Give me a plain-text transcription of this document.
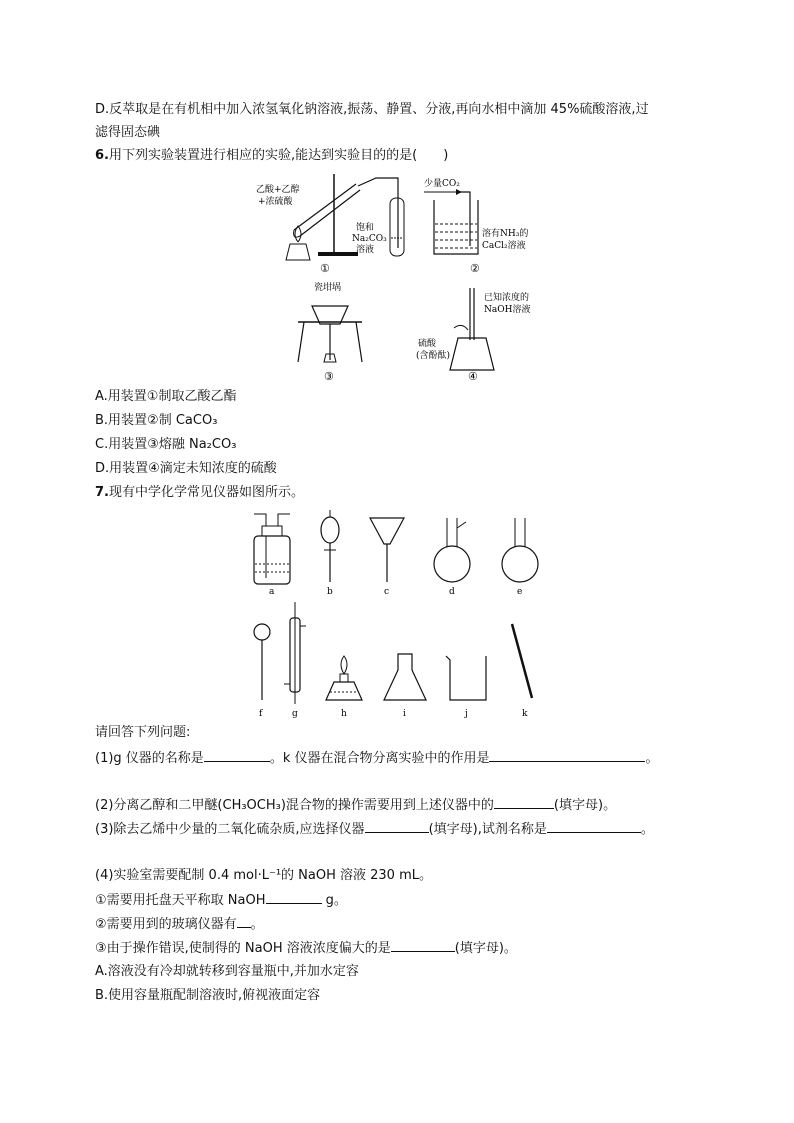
D.反萃取是在有机相中加入浓氢氧化钠溶液,振荡、静置、分液,再向水相中滴加 45%硫酸溶液,过
滤得固态碘
6.用下列实验装置进行相应的实验,能达到实验目的的是(　　)
乙酸+乙醇
+浓硫酸
饱和
Na₂CO₃
溶液
①
少量CO₂
溶有NH₃的
CaCl₂溶液
②
瓷坩埚
③
已知浓度的
NaOH溶液
硫酸
(含酚酞)
④
A.用装置①制取乙酸乙酯
B.用装置②制 CaCO₃
C.用装置③熔融 Na₂CO₃
D.用装置④滴定未知浓度的硫酸
7.现有中学化学常见仪器如图所示。
a	b	c	d	e
f	g	h	i	j	k
请回答下列问题:
(1)g 仪器的名称是	。k 仪器在混合物分离实验中的作用是	。
(2)分离乙醇和二甲醚(CH₃OCH₃)混合物的操作需要用到上述仪器中的	(填字母)。
(3)除去乙烯中少量的二氧化硫杂质,应选择仪器	(填字母),试剂名称是	。
(4)实验室需要配制 0.4 mol·L⁻¹的 NaOH 溶液 230 mL。
①需要用托盘天平称取 NaOH	g。
②需要用到的玻璃仪器有 。
③由于操作错误,使制得的 NaOH 溶液浓度偏大的是	(填字母)。
A.溶液没有冷却就转移到容量瓶中,并加水定容
B.使用容量瓶配制溶液时,俯视液面定容
